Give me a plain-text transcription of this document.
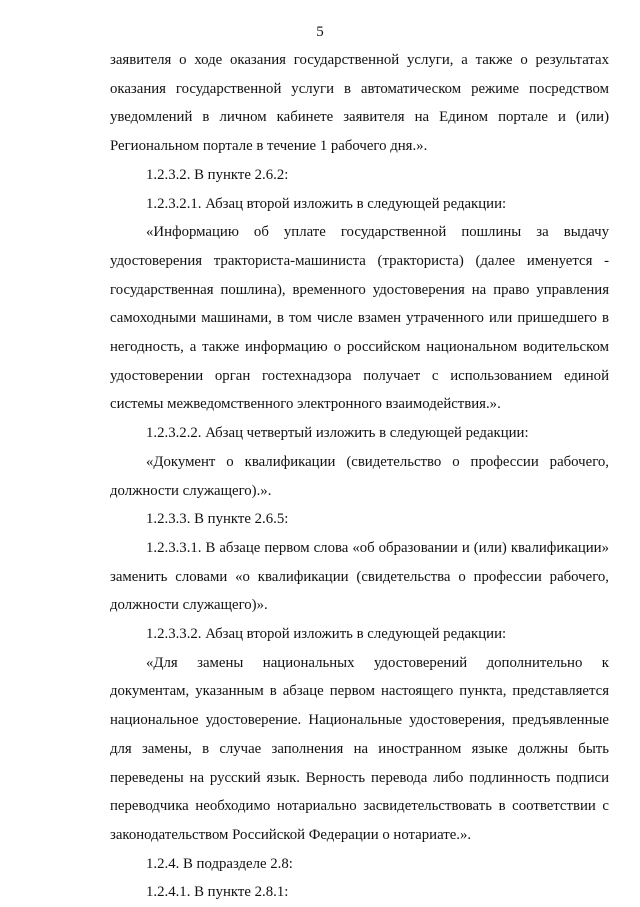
5

заявителя о ходе оказания государственной услуги, а также о результатах оказания государственной услуги в автоматическом режиме посредством уведомлений в личном кабинете заявителя на Едином портале и (или) Региональном портале в течение 1 рабочего дня.».

1.2.3.2. В пункте 2.6.2:

1.2.3.2.1. Абзац второй изложить в следующей редакции:

«Информацию об уплате государственной пошлины за выдачу удостоверения тракториста-машиниста (тракториста) (далее именуется - государственная пошлина), временного удостоверения на право управления самоходными машинами, в том числе взамен утраченного или пришедшего в негодность, а также информацию о российском национальном водительском удостоверении орган гостехнадзора получает с использованием единой системы межведомственного электронного взаимодействия.».

1.2.3.2.2. Абзац четвертый изложить в следующей редакции:

«Документ о квалификации (свидетельство о профессии рабочего, должности служащего).».

1.2.3.3. В пункте 2.6.5:

1.2.3.3.1. В абзаце первом слова «об образовании и (или) квалификации» заменить словами «о квалификации (свидетельства о профессии рабочего, должности служащего)».

1.2.3.3.2. Абзац второй изложить в следующей редакции:

«Для замены национальных удостоверений дополнительно к документам, указанным в абзаце первом настоящего пункта, представляется национальное удостоверение. Национальные удостоверения, предъявленные для замены, в случае заполнения на иностранном языке должны быть переведены на русский язык. Верность перевода либо подлинность подписи переводчика необходимо нотариально засвидетельствовать в соответствии с законодательством Российской Федерации о нотариате.».

1.2.4. В подразделе 2.8:

1.2.4.1. В пункте 2.8.1:
